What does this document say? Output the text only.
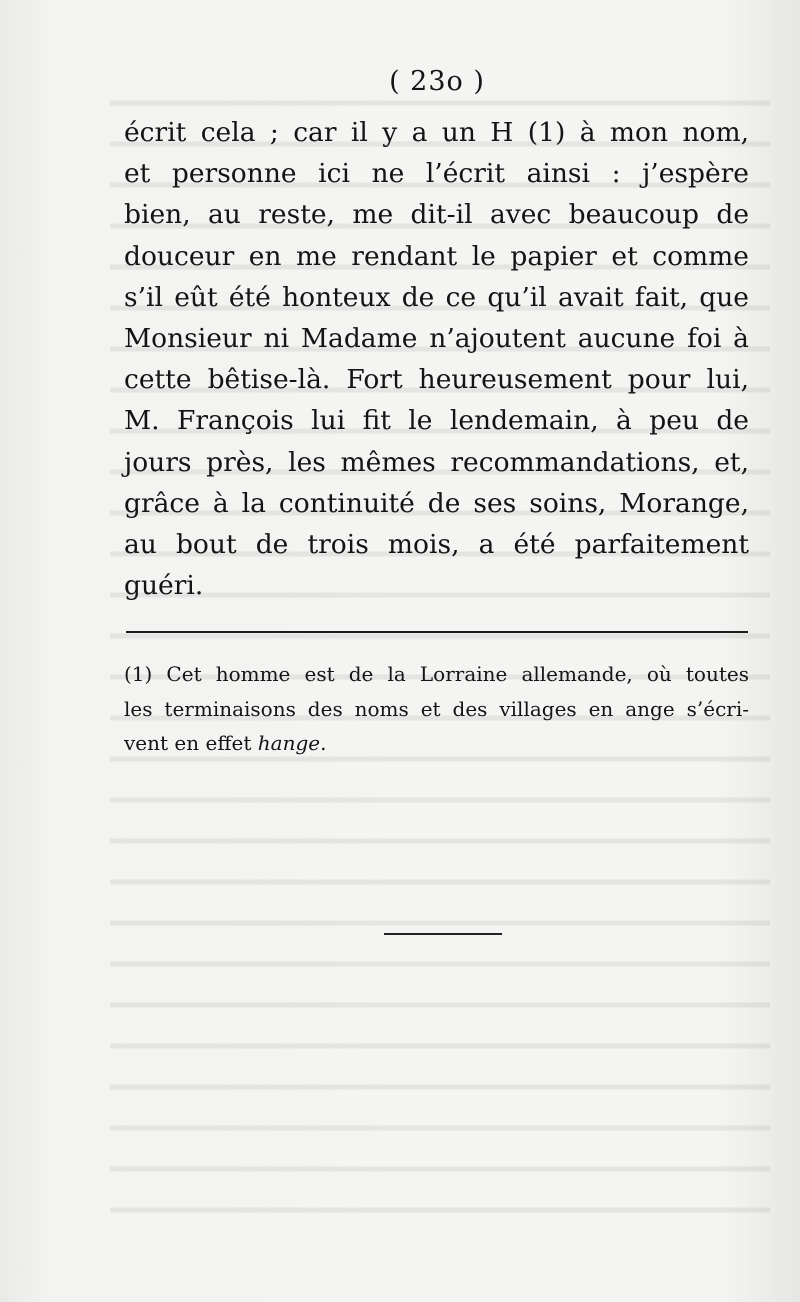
( 23o )
écrit cela ; car il y a un H (1) à mon nom,
et personne ici ne l’écrit ainsi : j’espère
bien, au reste, me dit-il avec beaucoup de
douceur en me rendant le papier et comme
s’il eût été honteux de ce qu’il avait fait, que
Monsieur ni Madame n’ajoutent aucune foi à
cette bêtise-là. Fort heureusement pour lui,
M. François lui fit le lendemain, à peu de
jours près, les mêmes recommandations, et,
grâce à la continuité de ses soins, Morange,
au bout de trois mois, a été parfaitement
guéri.
(1) Cet homme est de la Lorraine allemande, où toutes
les terminaisons des noms et des villages en ange s’écri-
vent en effet hange.
